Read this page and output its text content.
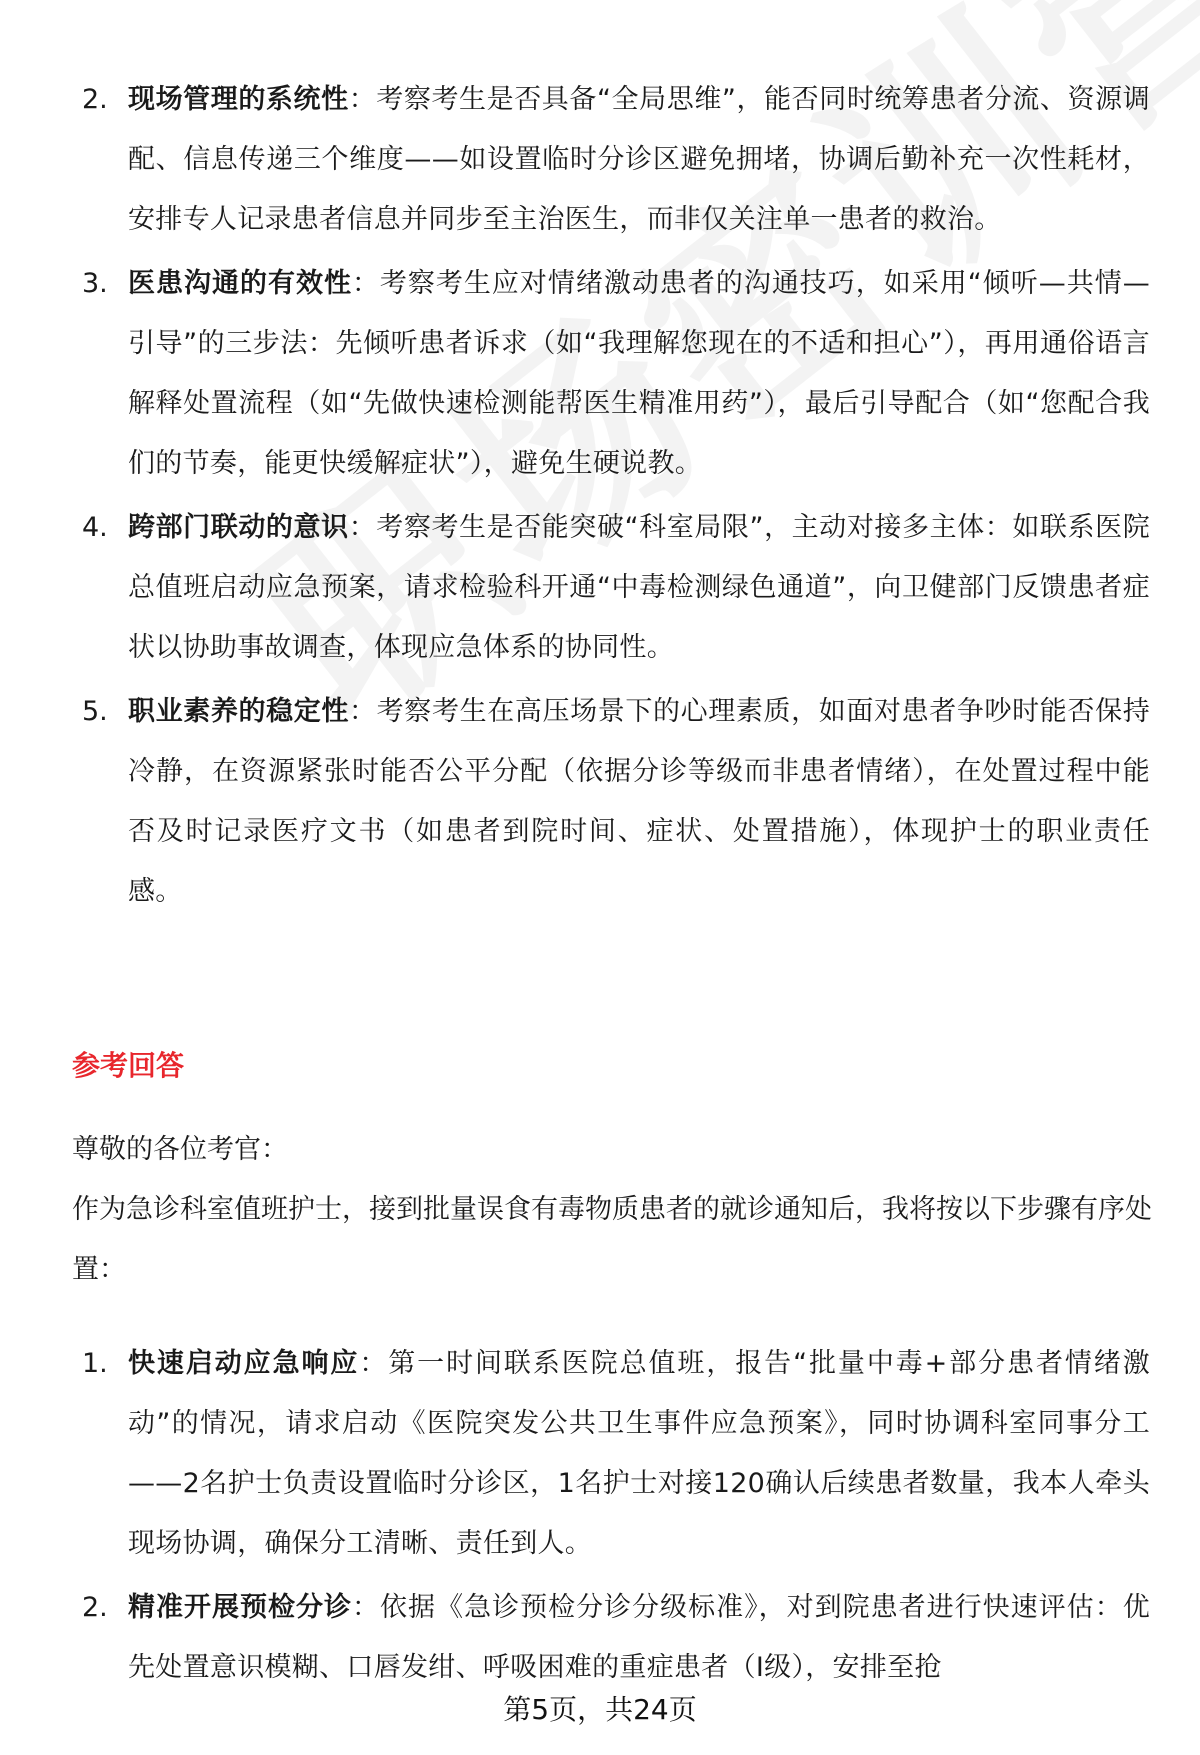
2. 现场管理的系统性：考察考生是否具备“全局思维”，能否同时统筹患者分流、资源调配、信息传递三个维度——如设置临时分诊区避免拥堵，协调后勤补充一次性耗材，安排专人记录患者信息并同步至主治医生，而非仅关注单一患者的救治。
3. 医患沟通的有效性：考察考生应对情绪激动患者的沟通技巧，如采用“倾听—共情—引导”的三步法：先倾听患者诉求（如“我理解您现在的不适和担心”），再用通俗语言解释处置流程（如“先做快速检测能帮医生精准用药”），最后引导配合（如“您配合我们的节奏，能更快缓解症状”），避免生硬说教。
4. 跨部门联动的意识：考察考生是否能突破“科室局限”，主动对接多主体：如联系医院总值班启动应急预案，请求检验科开通“中毒检测绿色通道”，向卫健部门反馈患者症状以协助事故调查，体现应急体系的协同性。
5. 职业素养的稳定性：考察考生在高压场景下的心理素质，如面对患者争吵时能否保持冷静，在资源紧张时能否公平分配（依据分诊等级而非患者情绪），在处置过程中能否及时记录医疗文书（如患者到院时间、症状、处置措施），体现护士的职业责任感。
参考回答
尊敬的各位考官：
作为急诊科室值班护士，接到批量误食有毒物质患者的就诊通知后，我将按以下步骤有序处置：
1. 快速启动应急响应：第一时间联系医院总值班，报告“批量中毒+部分患者情绪激动”的情况，请求启动《医院突发公共卫生事件应急预案》，同时协调科室同事分工——2名护士负责设置临时分诊区，1名护士对接120确认后续患者数量，我本人牵头现场协调，确保分工清晰、责任到人。
2. 精准开展预检分诊：依据《急诊预检分诊分级标准》，对到院患者进行快速评估：优先处置意识模糊、口唇发绀、呼吸困难的重症患者（Ⅰ级），安排至抢
第5页，共24页
